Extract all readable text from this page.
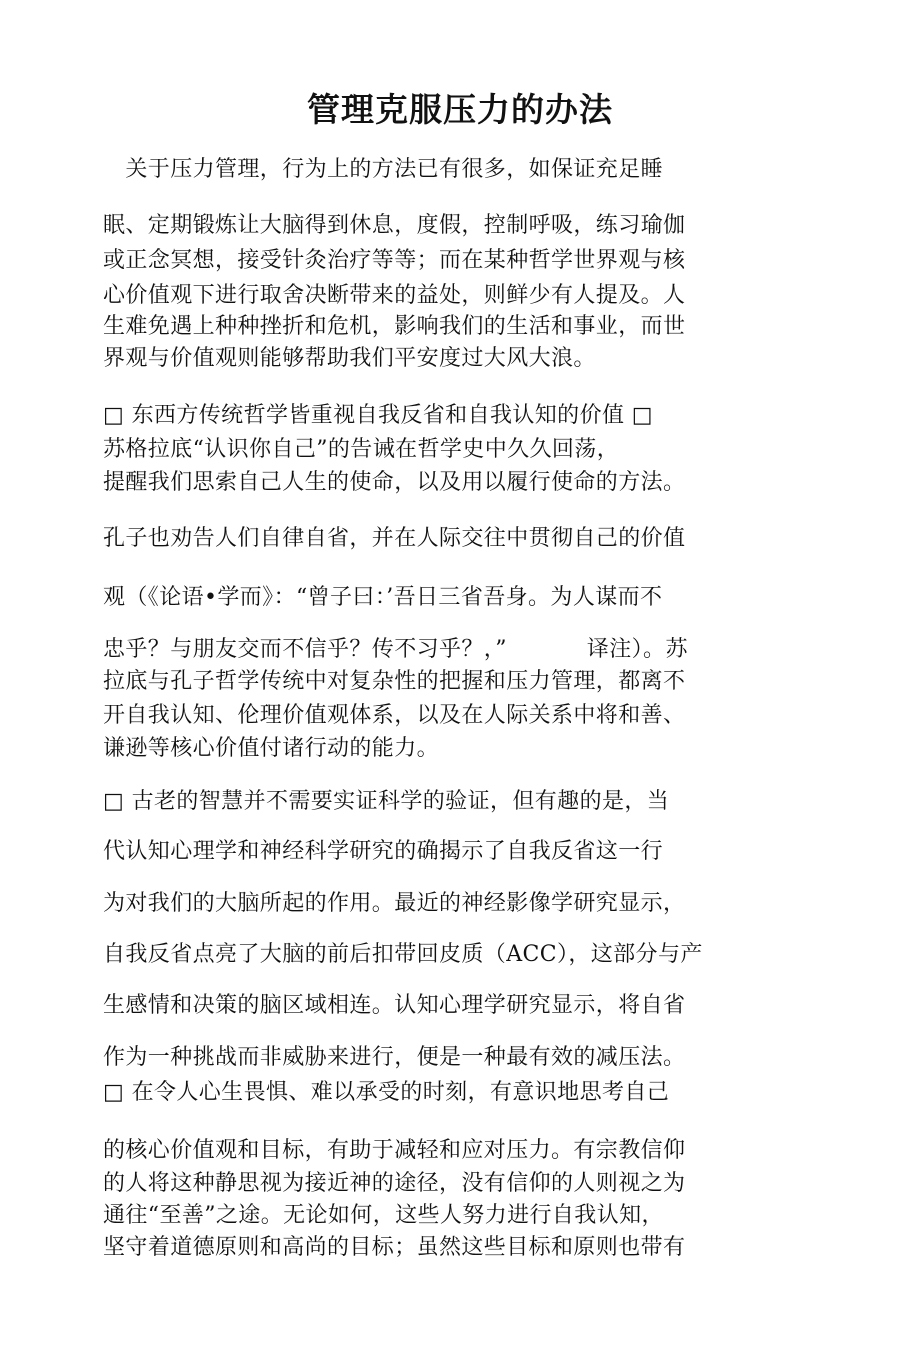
管理克服压力的办法
　关于压力管理，行为上的方法已有很多，如保证充足睡
眠、定期锻炼让大脑得到休息，度假，控制呼吸，练习瑜伽
或正念冥想，接受针灸治疗等等；而在某种哲学世界观与核
心价值观下进行取舍决断带来的益处，则鲜少有人提及。人
生难免遇上种种挫折和危机，影响我们的生活和事业，而世
界观与价值观则能够帮助我们平安度过大风大浪。
□ 东西方传统哲学皆重视自我反省和自我认知的价值 □
苏格拉底“认识你自己”的告诫在哲学史中久久回荡，
提醒我们思索自己人生的使命，以及用以履行使命的方法。
孔子也劝告人们自律自省，并在人际交往中贯彻自己的价值
观（《论语•学而》：“曾子曰：’吾日三省吾身。为人谋而不
忠乎？与朋友交而不信乎？传不习乎？，”	译注）。苏
拉底与孔子哲学传统中对复杂性的把握和压力管理，都离不
开自我认知、伦理价值观体系，以及在人际关系中将和善、
谦逊等核心价值付诸行动的能力。
□ 古老的智慧并不需要实证科学的验证，但有趣的是，当
代认知心理学和神经科学研究的确揭示了自我反省这一行
为对我们的大脑所起的作用。最近的神经影像学研究显示，
自我反省点亮了大脑的前后扣带回皮质（ACC），这部分与产
生感情和决策的脑区域相连。认知心理学研究显示，将自省
作为一种挑战而非威胁来进行，便是一种最有效的减压法。
□ 在令人心生畏惧、难以承受的时刻，有意识地思考自己
的核心价值观和目标，有助于减轻和应对压力。有宗教信仰
的人将这种静思视为接近神的途径，没有信仰的人则视之为
通往“至善”之途。无论如何，这些人努力进行自我认知，
坚守着道德原则和高尚的目标；虽然这些目标和原则也带有
